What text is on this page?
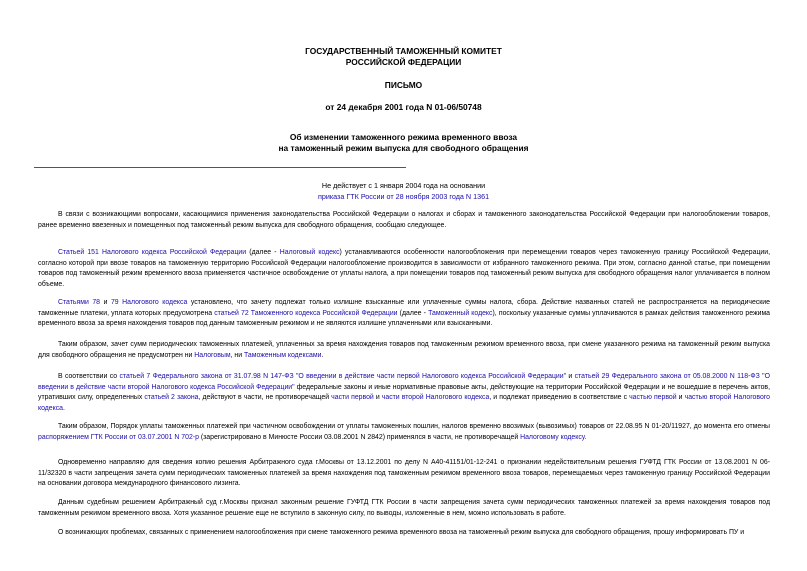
ГОСУДАРСТВЕННЫЙ ТАМОЖЕННЫЙ КОМИТЕТ
РОССИЙСКОЙ ФЕДЕРАЦИИ
ПИСЬМО
от 24 декабря 2001 года N 01-06/50748
Об изменении таможенного режима временного ввоза
на таможенный режим выпуска для свободного обращения
Не действует с 1 января 2004 года на основании
приказа ГТК России от 28 ноября 2003 года N 1361

В связи с возникающими вопросами, касающимися применения законодательства Российской Федерации о налогах и сборах и таможенного законодательства Российской Федерации при налогообложении товаров, ранее временно ввезенных и помещенных под таможенный режим выпуска для свободного обращения, сообщаю следующее.

Статьей 151 Налогового кодекса Российской Федерации (далее - Налоговый кодекс) устанавливаются особенности налогообложения при перемещении товаров через таможенную границу Российской Федерации, согласно которой при ввозе товаров на таможенную территорию Российской Федерации налогообложение производится в зависимости от избранного таможенного режима. При этом, согласно данной статье, при помещении товаров под таможенный режим временного ввоза применяется частичное освобождение от уплаты налога, а при помещении товаров под таможенный режим выпуска для свободного обращения налог уплачивается в полном объеме.

Статьями 78 и 79 Налогового кодекса установлено, что зачету подлежат только излишне взысканные или уплаченные суммы налога, сбора. Действие названных статей не распространяется на периодические таможенные платежи, уплата которых предусмотрена статьей 72 Таможенного кодекса Российской Федерации (далее - Таможенный кодекс), поскольку указанные суммы уплачиваются в рамках действия таможенного режима временного ввоза за время нахождения товаров под данным таможенным режимом и не являются излишне уплаченными или взысканными.

Таким образом, зачет сумм периодических таможенных платежей, уплаченных за время нахождения товаров под таможенным режимом временного ввоза, при смене указанного режима на таможенный режим выпуска для свободного обращения не предусмотрен ни Налоговым, ни Таможенным кодексами.

В соответствии со статьей 7 Федерального закона от 31.07.98 N 147-ФЗ "О введении в действие части первой Налогового кодекса Российской Федерации" и статьей 29 Федерального закона от 05.08.2000 N 118-ФЗ "О введении в действие части второй Налогового кодекса Российской Федерации" федеральные законы и иные нормативные правовые акты, действующие на территории Российской Федерации и не вошедшие в перечень актов, утративших силу, определенных статьей 2 закона, действуют в части, не противоречащей части первой и части второй Налогового кодекса, и подлежат приведению в соответствие с частью первой и частью второй Налогового кодекса.

Таким образом, Порядок уплаты таможенных платежей при частичном освобождении от уплаты таможенных пошлин, налогов временно ввозимых (вывозимых) товаров от 22.08.95 N 01-20/11927, до момента его отмены распоряжением ГТК России от 03.07.2001 N 702-р (зарегистрировано в Минюсте России 03.08.2001 N 2842) применялся в части, не противоречащей Налоговому кодексу.

Одновременно направляю для сведения копию решения Арбитражного суда г.Москвы от 13.12.2001 по делу N А40-41151/01-12-241 о признании недействительным решения ГУФТД ГТК России от 13.08.2001 N 06-11/32320 в части запрещения зачета сумм периодических таможенных платежей за время нахождения под таможенным режимом временного ввоза товаров, перемещаемых через таможенную границу Российской Федерации на основании договора международного финансового лизинга.

Данным судебным решением Арбитражный суд г.Москвы признал законным решение ГУФТД ГТК России в части запрещения зачета сумм периодических таможенных платежей за время нахождения товаров под таможенным режимом временного ввоза. Хотя указанное решение еще не вступило в законную силу, по выводы, изложенные в нем, можно использовать в работе.

О возникающих проблемах, связанных с применением налогообложения при смене таможенного режима временного ввоза на таможенный режим выпуска для свободного обращения, прошу информировать ПУ и
